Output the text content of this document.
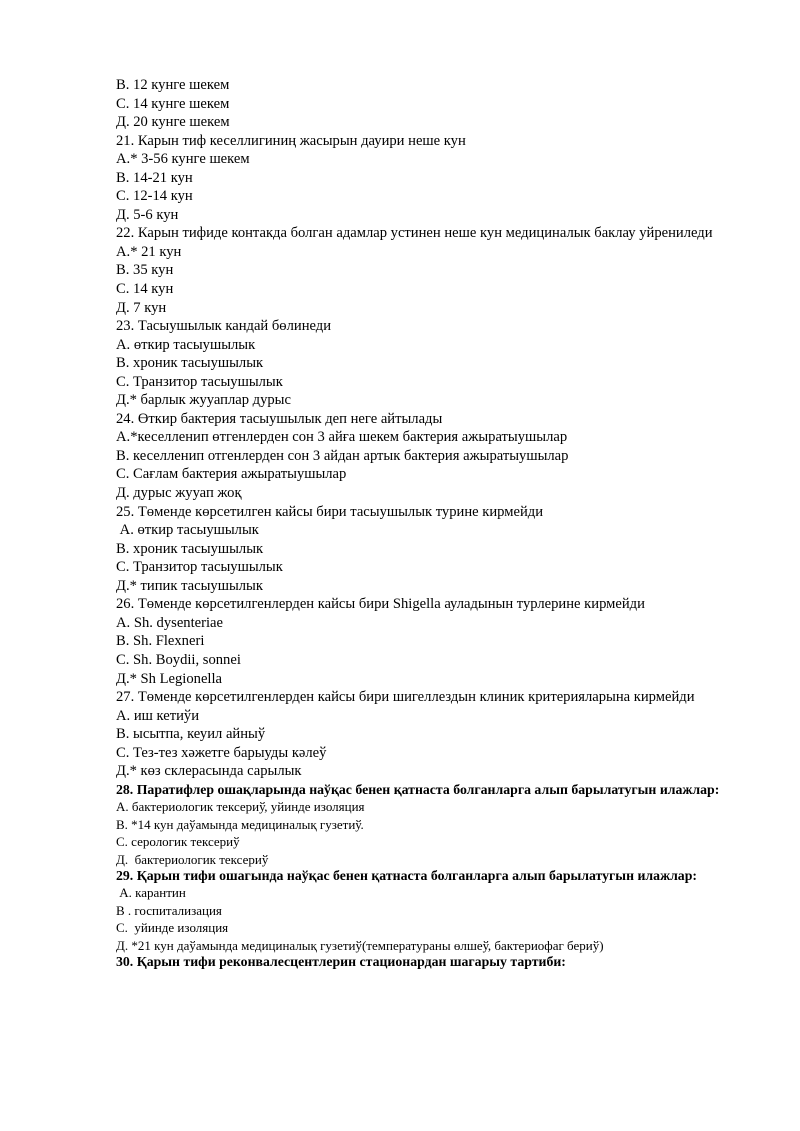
В. 12 кунге шекем
С. 14 кунге шекем
Д. 20 кунге шекем
21. Карын тиф кеселлигиниң жасырын дауири неше кун
А.* 3-56 кунге шекем
В. 14-21 кун
С. 12-14 кун
Д. 5-6 кун
22. Карын тифиде контакда болган адамлар устинен неше кун медициналык баклау уйрениледи
А.* 21 кун
В. 35 кун
С. 14 кун
Д. 7 кун
23. Тасыушылык кандай бөлинеди
А. өткир тасыушылык
В. хроник тасыушылык
С. Транзитор тасыушылык
Д.* барлык жууаплар дурыс
24. Өткир бактерия тасыушылык деп неге айтылады
А.*кеселленип өтгенлерден сон 3 айға шекем бактерия ажыратыушылар
В. кеселленип отгенлерден сон 3 айдан артык бактерия ажыратыушылар
С. Сағлам бактерия ажыратыушылар
Д. дурыс жууап жоқ
25. Төменде көрсетилген кайсы бири тасыушылык турине кирмейди
А. өткир тасыушылык
В. хроник тасыушылык
С. Транзитор тасыушылык
Д.* типик тасыушылык
26. Төменде көрсетилгенлерден кайсы бири Shigella ауладынын турлерине кирмейди
А. Sh. dysenteriae
В. Sh. Flexneri
С. Sh. Boydii, sonnei
Д.* Sh Legionella
27. Төменде көрсетилгенлерден кайсы бири шигеллездын клиник критерияларына кирмейди
А. иш кетиўи
В. ысытпа, кеуил айныў
С. Тез-тез хәжетге барыуды кәлеў
Д.* көз склерасында сарылык
28. Паратифлер ошақларында наўқас бенен қатнаста болганларга алып барылатугын илажлар:
А. бактериологик тексериў, уйинде изоляция
В. *14 кун даўамында медициналық гузетиў.
С. серологик тексериў
Д.  бактериологик тексериў
29. Қарын тифи ошагында наўқас бенен қатнаста болганларга алып барылатугын илажлар:
А. карантин
В . госпитализация
С.  уйинде изоляция
Д. *21 кун даўамында медициналық гузетиў(температураны өлшеў, бактериофаг бериў)
30. Қарын тифи реконвалесцентлерин стационардан шагарыу тартиби:
